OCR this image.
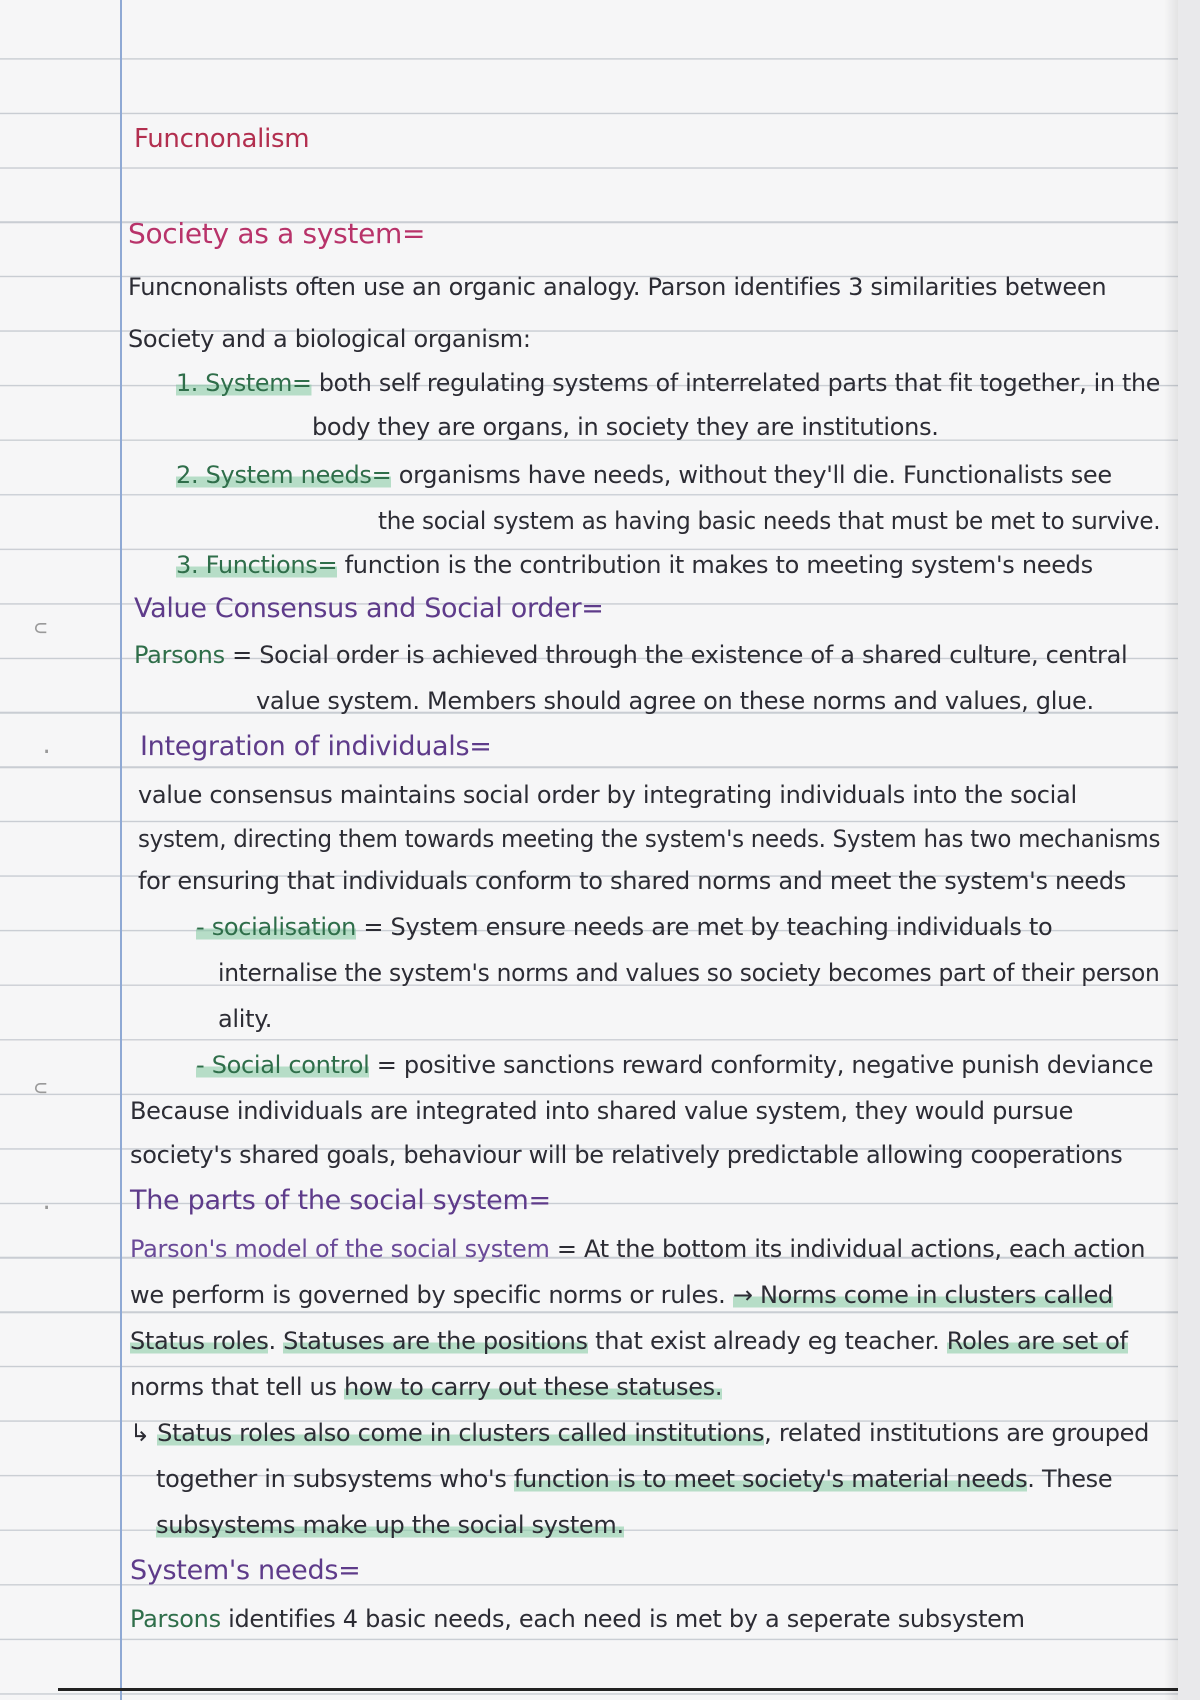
⊂
·
⊂
·
Funcnonalism
Society as a system=
Funcnonalists often use an organic analogy. Parson identifies 3 similarities between
Society and a biological organism:
1. System= both self regulating systems of interrelated parts that fit together, in the
body they are organs, in society they are institutions.
2. System needs= organisms have needs, without they'll die. Functionalists see
the social system as having basic needs that must be met to survive.
3. Functions= function is the contribution it makes to meeting system's needs
Value Consensus and Social order=
Parsons = Social order is achieved through the existence of a shared culture, central
value system. Members should agree on these norms and values, glue.
Integration of individuals=
value consensus maintains social order by integrating individuals into the social
system, directing them towards meeting the system's needs. System has two mechanisms
for ensuring that individuals conform to shared norms and meet the system's needs
- socialisation = System ensure needs are met by teaching individuals to
internalise the system's norms and values so society becomes part of their person
ality.
- Social control = positive sanctions reward conformity, negative punish deviance
Because individuals are integrated into shared value system, they would pursue
society's shared goals, behaviour will be relatively predictable allowing cooperations
The parts of the social system=
Parson's model of the social system = At the bottom its individual actions, each action
we perform is governed by specific norms or rules. → Norms come in clusters called
Status roles. Statuses are the positions that exist already eg teacher. Roles are set of
norms that tell us how to carry out these statuses.
↳ Status roles also come in clusters called institutions, related institutions are grouped
together in subsystems who's function is to meet society's material needs. These
subsystems make up the social system.
System's needs=
Parsons identifies 4 basic needs, each need is met by a seperate subsystem
